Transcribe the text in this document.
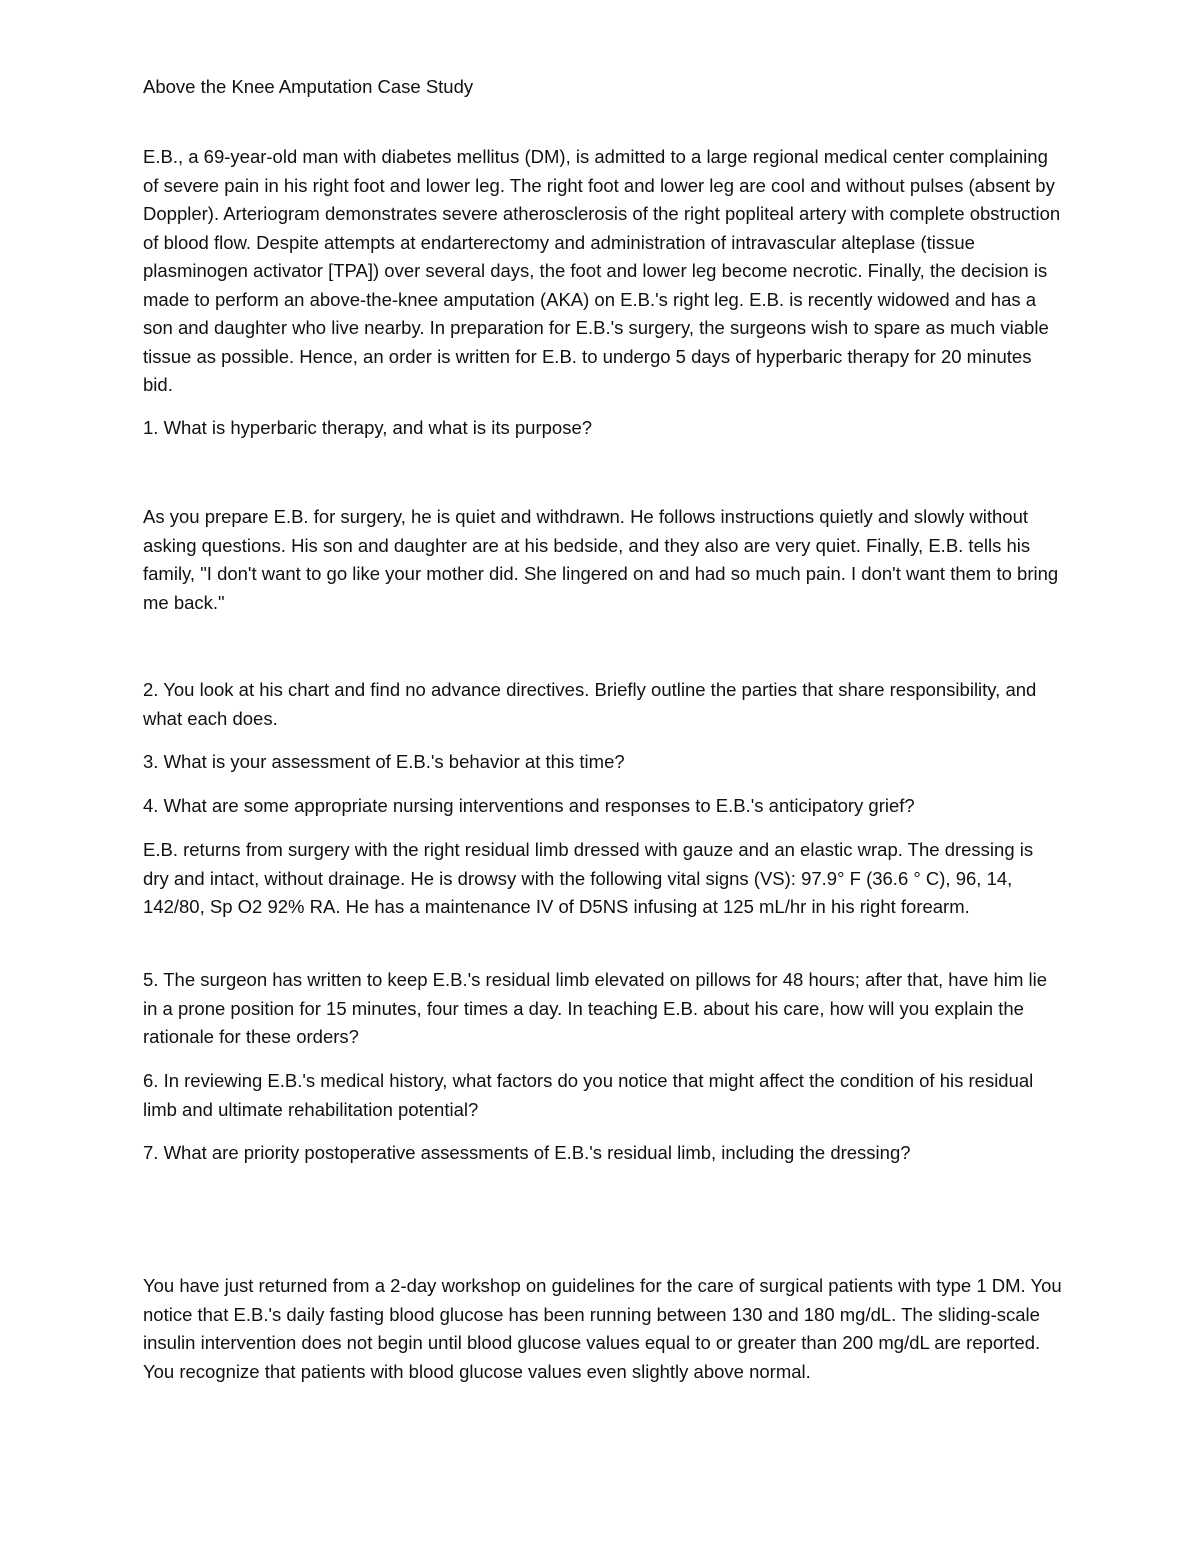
Above the Knee Amputation Case Study

E.B., a 69-year-old man with diabetes mellitus (DM), is admitted to a large regional medical center complaining of severe pain in his right foot and lower leg. The right foot and lower leg are cool and without pulses (absent by Doppler). Arteriogram demonstrates severe atherosclerosis of the right popliteal artery with complete obstruction of blood flow. Despite attempts at endarterectomy and administration of intravascular alteplase (tissue plasminogen activator [TPA]) over several days, the foot and lower leg become necrotic. Finally, the decision is made to perform an above-the-knee amputation (AKA) on E.B.'s right leg. E.B. is recently widowed and has a son and daughter who live nearby. In preparation for E.B.'s surgery, the surgeons wish to spare as much viable tissue as possible. Hence, an order is written for E.B. to undergo 5 days of hyperbaric therapy for 20 minutes bid.

1. What is hyperbaric therapy, and what is its purpose?

As you prepare E.B. for surgery, he is quiet and withdrawn. He follows instructions quietly and slowly without asking questions. His son and daughter are at his bedside, and they also are very quiet. Finally, E.B. tells his family, "I don't want to go like your mother did. She lingered on and had so much pain. I don't want them to bring me back."

2. You look at his chart and find no advance directives. Briefly outline the parties that share responsibility, and what each does.

3. What is your assessment of E.B.'s behavior at this time?

4. What are some appropriate nursing interventions and responses to E.B.'s anticipatory grief?

E.B. returns from surgery with the right residual limb dressed with gauze and an elastic wrap. The dressing is dry and intact, without drainage. He is drowsy with the following vital signs (VS): 97.9° F (36.6 ° C), 96, 14, 142/80, Sp O2 92% RA. He has a maintenance IV of D5NS infusing at 125 mL/hr in his right forearm.

5. The surgeon has written to keep E.B.'s residual limb elevated on pillows for 48 hours; after that, have him lie in a prone position for 15 minutes, four times a day. In teaching E.B. about his care, how will you explain the rationale for these orders?

6. In reviewing E.B.'s medical history, what factors do you notice that might affect the condition of his residual limb and ultimate rehabilitation potential?

7. What are priority postoperative assessments of E.B.'s residual limb, including the dressing?

You have just returned from a 2-day workshop on guidelines for the care of surgical patients with type 1 DM. You notice that E.B.'s daily fasting blood glucose has been running between 130 and 180 mg/dL. The sliding-scale insulin intervention does not begin until blood glucose values equal to or greater than 200 mg/dL are reported. You recognize that patients with blood glucose values even slightly above normal.
